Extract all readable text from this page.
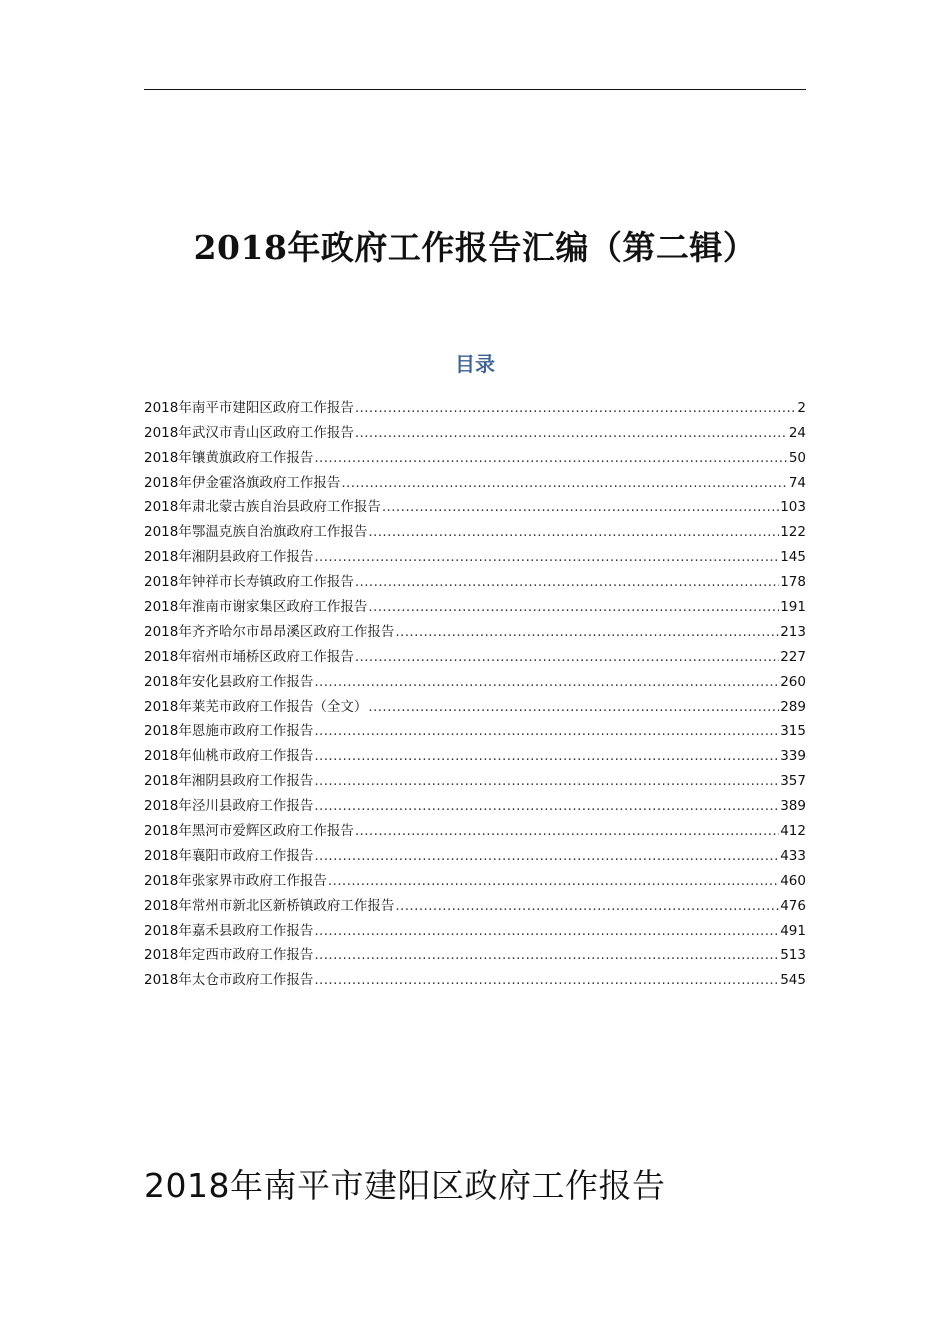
2018年政府工作报告汇编（第二辑）
目录
2018年南平市建阳区政府工作报告 .....	2
2018年武汉市青山区政府工作报告 .....	24
2018年镶黄旗政府工作报告 .....	50
2018年伊金霍洛旗政府工作报告 .....	74
2018年肃北蒙古族自治县政府工作报告 .....	103
2018年鄂温克族自治旗政府工作报告 .....	122
2018年湘阴县政府工作报告 .....	145
2018年钟祥市长寿镇政府工作报告 .....	178
2018年淮南市谢家集区政府工作报告 .....	191
2018年齐齐哈尔市昂昂溪区政府工作报告 .....	213
2018年宿州市埇桥区政府工作报告 .....	227
2018年安化县政府工作报告 .....	260
2018年莱芜市政府工作报告（全文） .....	289
2018年恩施市政府工作报告 .....	315
2018年仙桃市政府工作报告 .....	339
2018年湘阴县政府工作报告 .....	357
2018年泾川县政府工作报告 .....	389
2018年黑河市爱辉区政府工作报告 .....	412
2018年襄阳市政府工作报告 .....	433
2018年张家界市政府工作报告 .....	460
2018年常州市新北区新桥镇政府工作报告 .....	476
2018年嘉禾县政府工作报告 .....	491
2018年定西市政府工作报告 .....	513
2018年太仓市政府工作报告 .....	545
2018年南平市建阳区政府工作报告
